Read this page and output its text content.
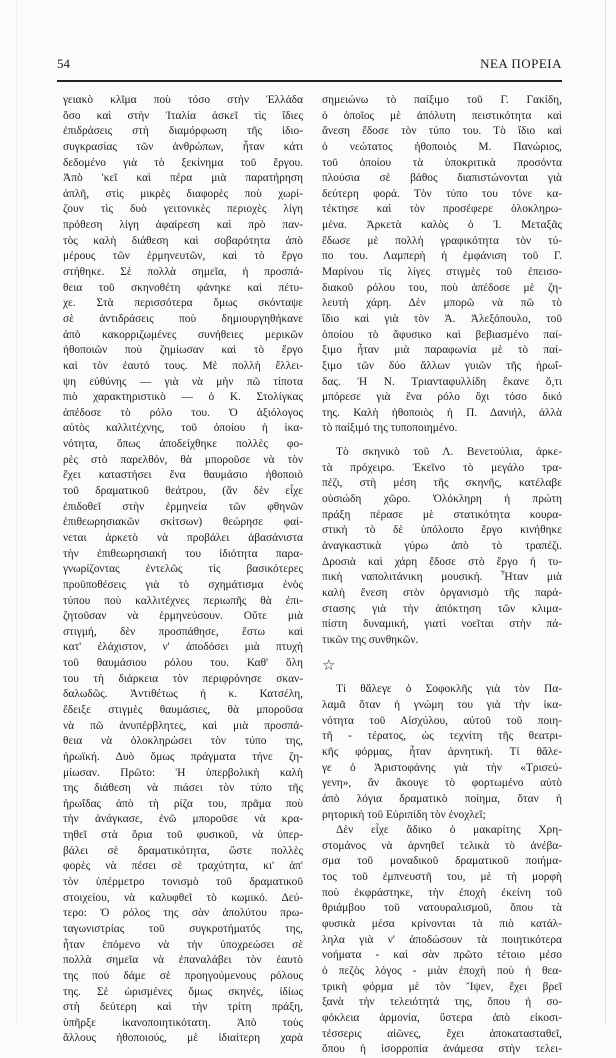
54	ΝΕΑ ΠΟΡΕΙΑ
γειακὸ κλῖμα ποὺ τόσο στὴν Ἑλλάδα
ὅσο καὶ στὴν Ἰταλία ἀσκεῖ τὶς ἴδιες
ἐπιδράσεις στὴ διαμόρφωση τῆς ἰδιο-
συγκρασίας τῶν ἀνθρώπων, ἦταν κάτι
δεδομένο γιὰ τὸ ξεκίνημα τοῦ ἔργου.
Ἀπὸ 'κεῖ καὶ πέρα μιὰ παρατήρηση
ἁπλῆ, στὶς μικρὲς διαφορὲς ποὺ χωρί-
ζουν τὶς δυὸ γειτονικὲς περιοχὲς λίγη
πρόθεση λίγη ἀφαίρεση καὶ πρὸ παν-
τὸς καλὴ διάθεση καὶ σοβαρότητα ἀπὸ
μέρους τῶν ἑρμηνευτῶν, καὶ τὸ ἔργο
στήθηκε. Σὲ πολλὰ σημεῖα, ἡ προσπά-
θεια τοῦ σκηνοθέτη φάνηκε καὶ πέτυ-
χε. Στὰ περισσότερα ὅμως σκόνταψε
σὲ ἀντιδράσεις ποὺ δημιουργηθήκανε
ἀπὸ κακορριζωμένες συνήθειες μερικῶν
ἠθοποιῶν ποὺ ζημίωσαν καὶ τὸ ἔργο
καὶ τὸν ἑαυτό τους. Μὲ πολλὴ ἔλλει-
ψη εὐθύνης — γιὰ νὰ μὴν πῶ τίποτα
πιὸ χαρακτηριστικὸ — ὁ Κ. Στολίγκας
ἀπέδοσε τὸ ρόλο του. Ὁ ἀξιόλογος
αὐτὸς καλλιτέχνης, τοῦ ὁποίου ἡ ἱκα-
νότητα, ὅπως ἀποδείχθηκε πολλὲς φο-
ρὲς στὸ παρελθόν, θὰ μποροῦσε νὰ τὸν
ἔχει καταστήσει ἕνα θαυμάσιο ἠθοποιὸ
τοῦ δραματικοῦ θεάτρου, (ἂν δὲν εἶχε
ἐπιδοθεῖ στὴν ἑρμηνεία τῶν φθηνῶν
ἐπιθεωρησιακῶν σκίτσων) θεώρησε φαί-
νεται ἀρκετὸ νὰ προβάλει ἀβασάνιστα
τὴν ἐπιθεωρησιακή του ἰδιότητα παρα-
γνωρίζοντας ἐντελῶς τὶς βασικότερες
προϋποθέσεις γιὰ τὸ σχημάτισμα ἑνὸς
τύπου ποὺ καλλιτέχνες περιωπῆς θὰ ἐπι-
ζητοῦσαν νὰ ἑρμηνεύσουν. Οὔτε μιὰ
στιγμή, δὲν προσπάθησε, ἔστω καὶ
κατ' ἐλάχιστον, ν' ἀποδόσει μιὰ πτυχὴ
τοῦ θαυμάσιου ρόλου του. Καθ' ὅλη
του τὴ διάρκεια τὸν περιφρόνησε σκαν-
δαλωδῶς. Ἀντιθέτως ἡ κ. Κατσέλη,
ἔδειξε στιγμὲς θαυμάσιες, θὰ μποροῦσα
νὰ πῶ ἀνυπέρβλητες, καὶ μιὰ προσπά-
θεια νὰ ὁλοκληρώσει τὸν τύπο της,
ἡρωϊκή. Δυὸ ὅμως πράγματα τήνε ζη-
μίωσαν. Πρῶτο: Ἡ ὑπερβολικὴ καλὴ
της διάθεση νὰ πιάσει τὸν τύπο τῆς
ἡρωΐδας ἀπὸ τὴ ρίζα του, πρᾶμα ποὺ
τὴν ἀνάγκασε, ἐνῶ μποροῦσε νὰ κρα-
τηθεῖ στὰ ὅρια τοῦ φυσικοῦ, νὰ ὑπερ-
βάλει σὲ δραματικότητα, ὥστε πολλὲς
φορὲς νὰ πέσει σὲ τραχύτητα, κι' ἀπ'
τὸν ὑπέρμετρο τονισμὸ τοῦ δραματικοῦ
στοιχείου, νὰ καλυφθεῖ τὸ κωμικό. Δεύ-
τερο: Ὁ ρόλος της σὰν ἀπολύτου πρω-
ταγωνιστρίας τοῦ συγκροτήματός της,
ἦταν ἑπόμενο νὰ τὴν ὑποχρεώσει σὲ
πολλὰ σημεῖα νὰ ἐπαναλάβει τὸν ἑαυτὸ
της ποὺ δάμε σὲ προηγούμενους ρόλους
της. Σὲ ὡρισμένες ὅμως σκηνές, ἰδίως
στὴ δεύτερη καὶ τὴν τρίτη πράξη,
ὑπῆρξε ἱκανοποιητικότατη. Ἀπὸ τοὺς
ἄλλους ἠθοποιούς, μὲ ἰδιαίτερη χαρὰ
σημειώνω τὸ παίξιμο τοῦ Γ. Γακίδη,
ὁ ὁποῖος μὲ ἀπόλυτη πειστικότητα καὶ
ἄνεση ἔδοσε τὸν τύπο του. Τὸ ἴδιο καὶ
ὁ νεώτατος ἠθοποιὸς Μ. Πανώριος,
τοῦ ὁποίου τὰ ὑποκριτικὰ προσόντα
πλούσια σὲ βάθος διαπιστώνονται γιὰ
δεύτερη φορά. Τὸν τύπο του τόνε κα-
τέκτησε καὶ τὸν προσέφερε ὁλοκληρω-
μένα. Ἀρκετὰ καλὸς ὁ Ἰ. Μεταξᾶς
ἔδωσε μὲ πολλὴ γραφικότητα τὸν τύ-
πο του. Λαμπερὴ ἡ ἐμφάνιση τοῦ Γ.
Μαρίνου τὶς λίγες στιγμὲς τοῦ ἐπεισο-
διακοῦ ρόλου του, ποὺ ἀπέδοσε μὲ ζη-
λευτὴ χάρη. Δὲν μπορῶ νὰ πῶ τὸ
ἴδιο καὶ γιὰ τὸν Ἀ. Ἀλεξόπουλο, τοῦ
ὁποίου τὸ ἄφυσικο καὶ βεβιασμένο παί-
ξιμο ἦταν μιὰ παραφωνία μὲ τὸ παί-
ξιμο τῶν δύο ἄλλων γυιῶν τῆς ἡρωΐ-
δας. Ἡ Ν. Τριανταφυλλίδη ἔκανε ὅ,τι
μπόρεσε γιὰ ἕνα ρόλο ὄχι τόσο δικό
της. Καλὴ ἠθοποιὸς ἡ Π. Δανιήλ, ἀλλὰ
τὸ παίξιμό της τυποποιημένο.
Τὸ σκηνικὸ τοῦ Λ. Βενετούλια, ἀρκε-
τὰ πρόχειρο. Ἐκεῖνο τὸ μεγάλο τρα-
πέζι, στὴ μέση τῆς σκηνῆς, κατέλαβε
οὐσιώδη χῶρο. Ὁλόκληρη ἡ πρώτη
πράξη πέρασε μὲ στατικότητα κουρα-
στικὴ τὸ δὲ ὑπόλοιπο ἔργο κινήθηκε
ἀναγκαστικὰ γύρω ἀπὸ τὸ τραπέζι.
Δροσιὰ καὶ χάρη ἔδοσε στὸ ἔργο ἡ τυ-
πικὴ ναπολιτάνικη μουσική. Ἦταν μιὰ
καλὴ ἔνεση στὸν ὀργανισμὸ τῆς παρά-
στασης γιὰ τὴν ἀπόκτηση τῶν κλιμα-
πίστη δυναμική, γιατὶ νοεῖται στὴν πά-
τικῶν της συνθηκῶν.
☆
Τί θἄλεγε ὁ Σοφοκλῆς γιὰ τὸν Πα-
λαμᾶ ὅταν ἡ γνώμη του γιὰ τὴν ἱκα-
νότητα τοῦ Αἰσχύλου, αὐτοῦ τοῦ ποιη-
τῆ - τέρατος, ὡς τεχνίτη τῆς θεατρι-
κῆς φόρμας, ἦταν ἀρνητική. Τί θἄλε-
γε ὁ Ἀριστοφάνης γιὰ τὴν «Τρισεύ-
γενη», ἂν ἄκουγε τὸ φορτωμένο αὐτὸ
ἀπὸ λόγια δραματικὸ ποίημα, ὅταν ἡ
ρητορικὴ τοῦ Εὐριπίδη τὸν ἐνοχλεῖ;
Δὲν εἶχε ἄδικο ὁ μακαρίτης Χρη-
στομάνος νὰ ἀρνηθεῖ τελικὰ τὸ ἀνέβα-
σμα τοῦ μοναδικοῦ δραματικοῦ ποιήμα-
τος τοῦ ἐμπνευστῆ του, μὲ τὴ μορφὴ
ποὺ ἐκφράστηκε, τὴν ἐποχὴ ἐκείνη τοῦ
θριάμβου τοῦ νατουραλισμοῦ, ὅπου τὰ
φυσικὰ μέσα κρίνονται τὰ πιὸ κατάλ-
ληλα γιὰ ν' ἀποδώσουν τὰ ποιητικότερα
νοήματα - καὶ σὰν πρῶτο τέτοιο μέσο
ὁ πεζὸς λόγος - μιὰν ἐποχὴ ποὺ ἡ θεα-
τρικὴ φόρμα μὲ τὸν Ἴψεν, ἔχει βρεῖ
ξανὰ τὴν τελειότητά της, ὅπου ἡ σο-
φόκλεια ἁρμονία, ὕστερα ἀπὸ εἰκοσι-
τέσσερις αἰῶνες, ἔχει ἀποκατασταθεῖ,
ὅπου ἡ ἰσορροπία ἀνάμεσα στὴν τελει-
